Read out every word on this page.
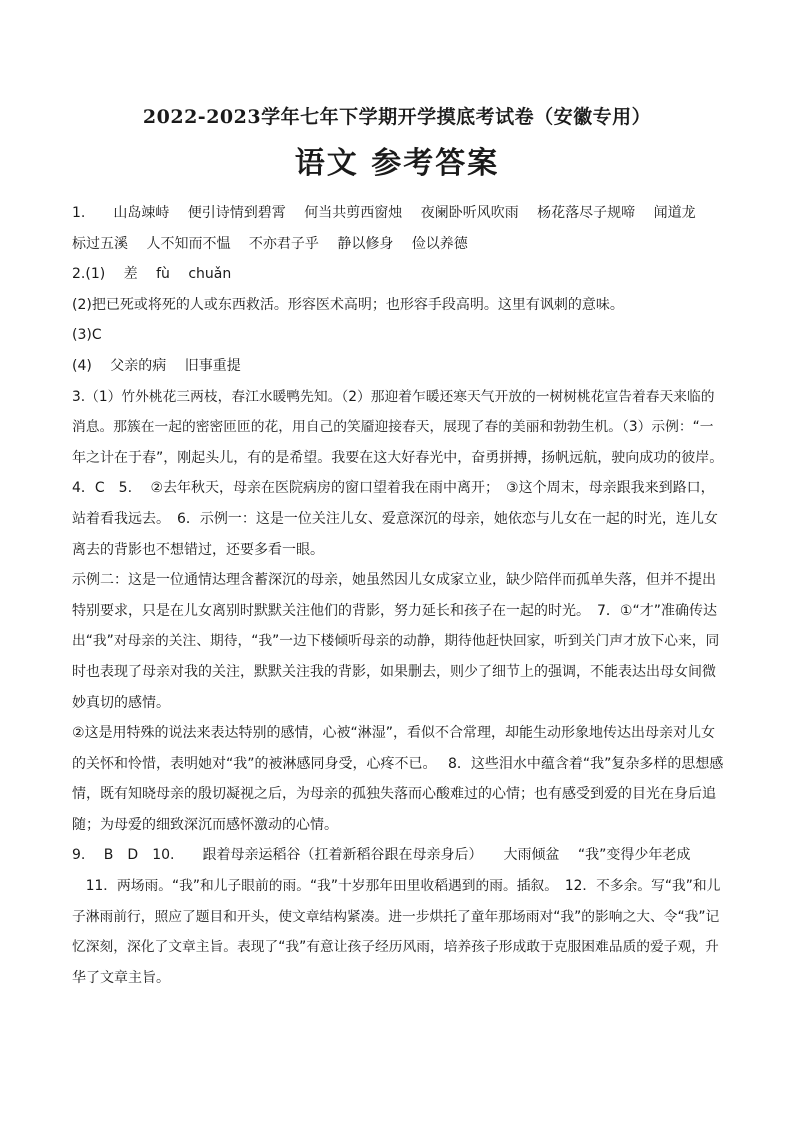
2022-2023学年七年下学期开学摸底考试卷（安徽专用）
语文 参考答案
1.　　山岛竦峙　 便引诗情到碧霄　 何当共剪西窗烛　 夜阑卧听风吹雨　 杨花落尽子规啼　 闻道龙
标过五溪　 人不知而不愠　 不亦君子乎　 静以修身　 俭以养德
2.(1)　 差　 fù　 chuǎn
(2)把已死或将死的人或东西救活。形容医术高明；也形容手段高明。这里有讽刺的意味。
(3)C
(4)　 父亲的病　 旧事重提
3.（1）竹外桃花三两枝，春江水暖鸭先知。（2）那迎着乍暖还寒天气开放的一树树桃花宣告着春天来临的
消息。那簇在一起的密密匝匝的花，用自己的笑靥迎接春天，展现了春的美丽和勃勃生机。（3）示例：“一
年之计在于春”，刚起头儿，有的是希望。我要在这大好春光中，奋勇拼搏，扬帆远航，驶向成功的彼岸。
4．C　5.　 ②去年秋天，母亲在医院病房的窗口望着我在雨中离开；　③这个周末，母亲跟我来到路口，
站着看我远去。　6．示例一：这是一位关注儿女、爱意深沉的母亲，她依恋与儿女在一起的时光，连儿女
离去的背影也不想错过，还要多看一眼。
示例二：这是一位通情达理含蓄深沉的母亲，她虽然因儿女成家立业，缺少陪伴而孤单失落，但并不提出
特别要求，只是在儿女离别时默默关注他们的背影，努力延长和孩子在一起的时光。　7．①“才”准确传达
出“我”对母亲的关注、期待，“我”一边下楼倾听母亲的动静，期待他赶快回家，听到关门声才放下心来，同
时也表现了母亲对我的关注，默默关注我的背影，如果删去，则少了细节上的强调，不能表达出母女间微
妙真切的感情。
②这是用特殊的说法来表达特别的感情，心被“淋湿”，看似不合常理，却能生动形象地传达出母亲对儿女
的关怀和怜惜，表明她对“我”的被淋感同身受，心疼不已。　 8．这些泪水中蕴含着“我”复杂多样的思想感
情，既有知晓母亲的殷切凝视之后，为母亲的孤独失落而心酸难过的心情；也有感受到爱的目光在身后追
随；为母爱的细致深沉而感怀激动的心情。
9.　 B　D　10.　　跟着母亲运稻谷（扛着新稻谷跟在母亲身后）　　大雨倾盆　 “我”变得少年老成
　11．两场雨。“我”和儿子眼前的雨。“我”十岁那年田里收稻遇到的雨。插叙。　12．不多余。写“我”和儿
子淋雨前行，照应了题目和开头，使文章结构紧凑。进一步烘托了童年那场雨对“我”的影响之大、令“我”记
忆深刻，深化了文章主旨。表现了“我”有意让孩子经历风雨，培养孩子形成敢于克服困难品质的爱子观，升
华了文章主旨。
